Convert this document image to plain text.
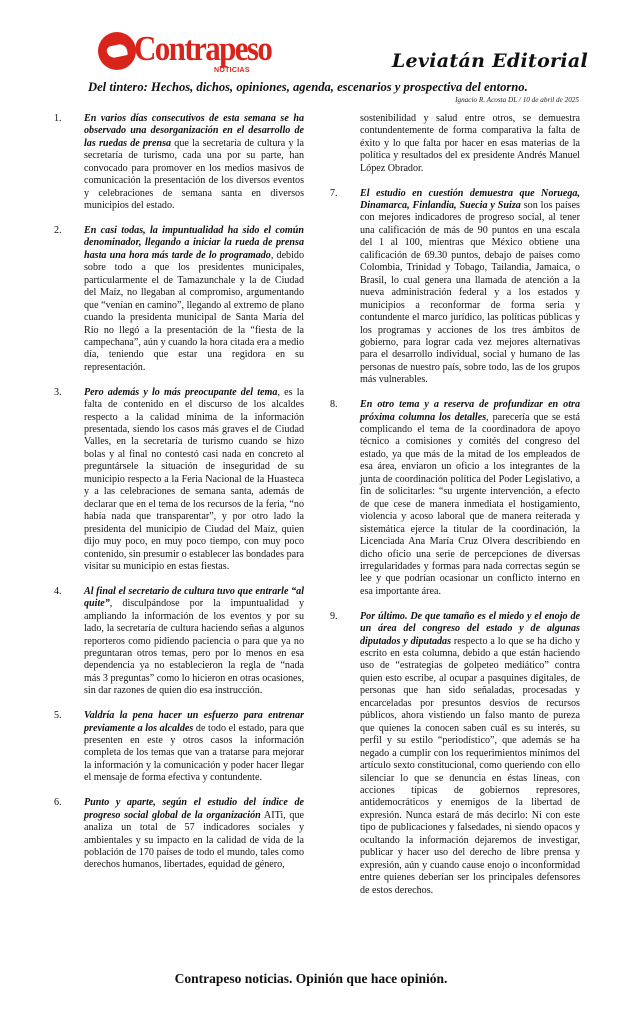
Contrapeso
NOTICIAS	Leviatán Editorial
Del tintero: Hechos, dichos, opiniones, agenda, escenarios y prospectiva del entorno.
Ignacio R. Acosta DL / 10 de abril de 2025
1. En varios días consecutivos de esta semana se ha observado una desorganización en el desarrollo de las ruedas de prensa que la secretaría de cultura y la secretaría de turismo, cada una por su parte, han convocado para promover en los medios masivos de comunicación la presentación de los diversos eventos y celebraciones de semana santa en diversos municipios del estado.
2. En casi todas, la impuntualidad ha sido el común denominador, llegando a iniciar la rueda de prensa hasta una hora más tarde de lo programado, debido sobre todo a que los presidentes municipales, particularmente el de Tamazunchale y la de Ciudad del Maíz, no llegaban al compromiso, argumentando que “venían en camino”, llegando al extremo de plano cuando la presidenta municipal de Santa María del Río no llegó a la presentación de la “fiesta de la campechana”, aún y cuando la hora citada era a medio día, teniendo que estar una regidora en su representación.
3. Pero además y lo más preocupante del tema, es la falta de contenido en el discurso de los alcaldes respecto a la calidad mínima de la información presentada, siendo los casos más graves el de Ciudad Valles, en la secretaría de turismo cuando se hizo bolas y al final no contestó casi nada en concreto al preguntársele la situación de inseguridad de su municipio respecto a la Feria Nacional de la Huasteca y a las celebraciones de semana santa, además de declarar que en el tema de los recursos de la feria, “no había nada que transparentar”, y por otro lado la presidenta del municipio de Ciudad del Maíz, quien dijo muy poco, en muy poco tiempo, con muy poco contenido, sin presumir o establecer las bondades para visitar su municipio en estas fiestas.
4. Al final el secretario de cultura tuvo que entrarle “al quite”, disculpándose por la impuntualidad y ampliando la información de los eventos y por su lado, la secretaría de cultura haciendo señas a algunos reporteros como pidiendo paciencia o para que ya no preguntaran otros temas, pero por lo menos en esa dependencia ya no establecieron la regla de “nada más 3 preguntas” como lo hicieron en otras ocasiones, sin dar razones de quien dio esa instrucción.
5. Valdría la pena hacer un esfuerzo para entrenar previamente a los alcaldes de todo el estado, para que presenten en este y otros casos la información completa de los temas que van a tratarse para mejorar la información y la comunicación y poder hacer llegar el mensaje de forma efectiva y contundente.
6. Punto y aparte, según el estudio del índice de progreso social global de la organización AITi, que analiza un total de 57 indicadores sociales y ambientales y su impacto en la calidad de vida de la población de 170 países de todo el mundo, tales como derechos humanos, libertades, equidad de género,
sostenibilidad y salud entre otros, se demuestra contundentemente de forma comparativa la falta de éxito y lo que falta por hacer en esas materias de la política y resultados del ex presidente Andrés Manuel López Obrador.
7. El estudio en cuestión demuestra que Noruega, Dinamarca, Finlandia, Suecia y Suiza son los países con mejores indicadores de progreso social, al tener una calificación de más de 90 puntos en una escala del 1 al 100, mientras que México obtiene una calificación de 69.30 puntos, debajo de países como Colombia, Trinidad y Tobago, Tailandia, Jamaica, o Brasil, lo cual genera una llamada de atención a la nueva administración federal y a los estados y municipios a reconformar de forma seria y contundente el marco jurídico, las políticas públicas y los programas y acciones de los tres ámbitos de gobierno, para lograr cada vez mejores alternativas para el desarrollo individual, social y humano de las personas de nuestro país, sobre todo, las de los grupos más vulnerables.
8. En otro tema y a reserva de profundizar en otra próxima columna los detalles, parecería que se está complicando el tema de la coordinadora de apoyo técnico a comisiones y comités del congreso del estado, ya que más de la mitad de los empleados de esa área, enviaron un oficio a los integrantes de la junta de coordinación política del Poder Legislativo, a fin de solicitarles: “su urgente intervención, a efecto de que cese de manera inmediata el hostigamiento, violencia y acoso laboral que de manera reiterada y sistemática ejerce la titular de la coordinación, la Licenciada Ana María Cruz Olvera describiendo en dicho oficio una serie de percepciones de diversas irregularidades y formas para nada correctas según se lee y que podrían ocasionar un conflicto interno en esa importante área.
9. Por último. De que tamaño es el miedo y el enojo de un área del congreso del estado y de algunas diputados y diputadas respecto a lo que se ha dicho y escrito en esta columna, debido a que están haciendo uso de “estrategias de golpeteo mediático” contra quien esto escribe, al ocupar a pasquines digitales, de personas que han sido señaladas, procesadas y encarceladas por presuntos desvíos de recursos públicos, ahora vistiendo un falso manto de pureza que quienes la conocen saben cuál es su interés, su perfil y su estilo “periodístico”, que además se ha negado a cumplir con los requerimientos mínimos del artículo sexto constitucional, como queriendo con ello silenciar lo que se denuncia en éstas líneas, con acciones típicas de gobiernos represores, antidemocráticos y enemigos de la libertad de expresión. Nunca estará de más decirlo: Ni con este tipo de publicaciones y falsedades, ni siendo opacos y ocultando la información dejaremos de investigar, publicar y hacer uso del derecho de libre prensa y expresión, aún y cuando cause enojo o inconformidad entre quienes deberían ser los principales defensores de estos derechos.
Contrapeso noticias. Opinión que hace opinión.
